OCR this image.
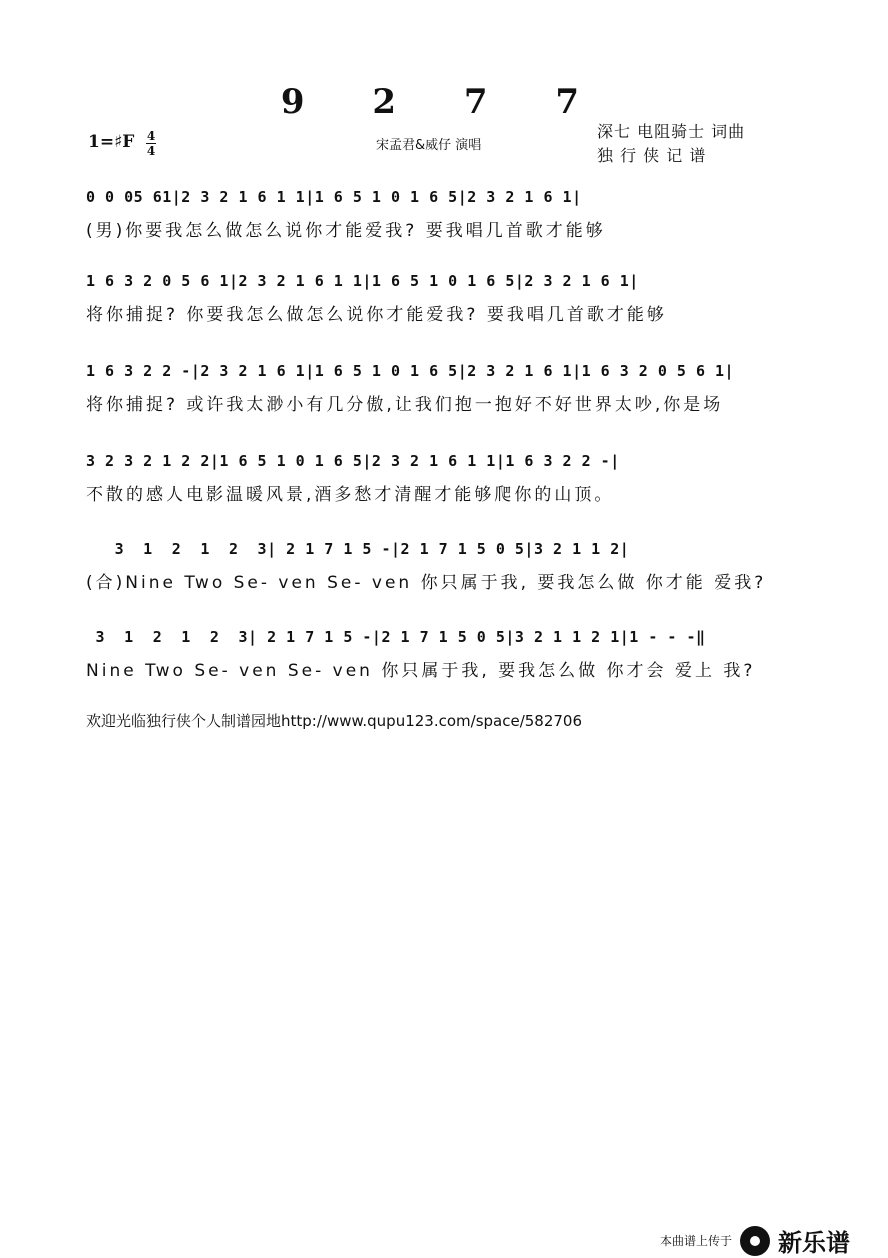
9 2 7 7
1=♯F 4
4	宋孟君&威仔 演唱
深七 电阻骑士 词曲
独 行 侠 记 谱
0 0 05 61|2 3 2 1 6 1 1|1 6 5 1 0 1 6 5|2 3 2 1 6 1|
(男)你要我怎么做怎么说你才能爱我? 要我唱几首歌才能够
1 6 3 2 0 5 6 1|2 3 2 1 6 1 1|1 6 5 1 0 1 6 5|2 3 2 1 6 1|
将你捕捉? 你要我怎么做怎么说你才能爱我? 要我唱几首歌才能够
1 6 3 2 2 -|2 3 2 1 6 1|1 6 5 1 0 1 6 5|2 3 2 1 6 1|1 6 3 2 0 5 6 1|
将你捕捉? 或许我太渺小有几分傲,让我们抱一抱好不好世界太吵,你是场
3 2 3 2 1 2 2|1 6 5 1 0 1 6 5|2 3 2 1 6 1 1|1 6 3 2 2 -|
不散的感人电影温暖风景,酒多愁才清醒才能够爬你的山顶。
3  1  2  1  2  3| 2 1 7 1 5 -|2 1 7 1 5 0 5|3 2 1 1 2|
(合)Nine Two Se- ven Se- ven 你只属于我, 要我怎么做 你才能 爱我?
3  1  2  1  2  3| 2 1 7 1 5 -|2 1 7 1 5 0 5|3 2 1 1 2 1|1 - - -‖
Nine Two Se- ven Se- ven 你只属于我, 要我怎么做 你才会 爱上 我?
欢迎光临独行侠个人制谱园地http://www.qupu123.com/space/582706
本曲谱上传于 新乐谱
